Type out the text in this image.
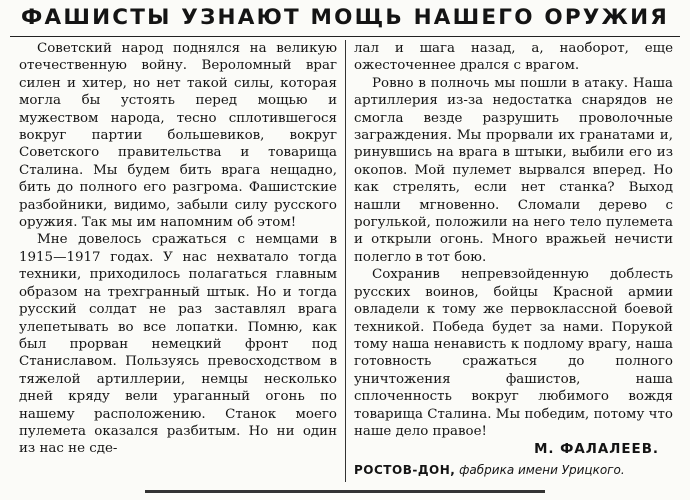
ФАШИСТЫ УЗНАЮТ МОЩЬ НАШЕГО ОРУЖИЯ

Советский народ поднялся на великую отечественную войну. Вероломный враг силен и хитер, но нет такой силы, которая могла бы устоять перед мощью и мужеством народа, тесно сплотившегося вокруг партии большевиков, вокруг Советского правительства и товарища Сталина. Мы будем бить врага нещадно, бить до полного его разгрома. Фашистские разбойники, видимо, забыли силу русского оружия. Так мы им напомним об этом!

Мне довелось сражаться с немцами в 1915—1917 годах. У нас нехватало тогда техники, приходилось полагаться главным образом на трехгранный штык. Но и тогда русский солдат не раз заставлял врага улепетывать во все лопатки. Помню, как был прорван немецкий фронт под Станиславом. Пользуясь превосходством в тяжелой артиллерии, немцы несколько дней кряду вели ураганный огонь по нашему расположению. Станок моего пулемета оказался разбитым. Но ни один из нас не сде-

лал и шага назад, а, наоборот, еще ожесточеннее дрался с врагом.

Ровно в полночь мы пошли в атаку. Наша артиллерия из-за недостатка снарядов не смогла везде разрушить проволочные заграждения. Мы прорвали их гранатами и, ринувшись на врага в штыки, выбили его из окопов. Мой пулемет вырвался вперед. Но как стрелять, если нет станка? Выход нашли мгновенно. Сломали дерево с рогулькой, положили на него тело пулемета и открыли огонь. Много вражьей нечисти полегло в тот бою.

Сохранив непревзойденную доблесть русских воинов, бойцы Красной армии овладели к тому же первоклассной боевой техникой. Победа будет за нами. Порукой тому наша ненависть к подлому врагу, наша готовность сражаться до полного уничтожения фашистов, наша сплоченность вокруг любимого вождя товарища Сталина. Мы победим, потому что наше дело правое!

М. ФАЛАЛЕЕВ.
РОСТОВ-ДОН, фабрика имени Урицкого.
